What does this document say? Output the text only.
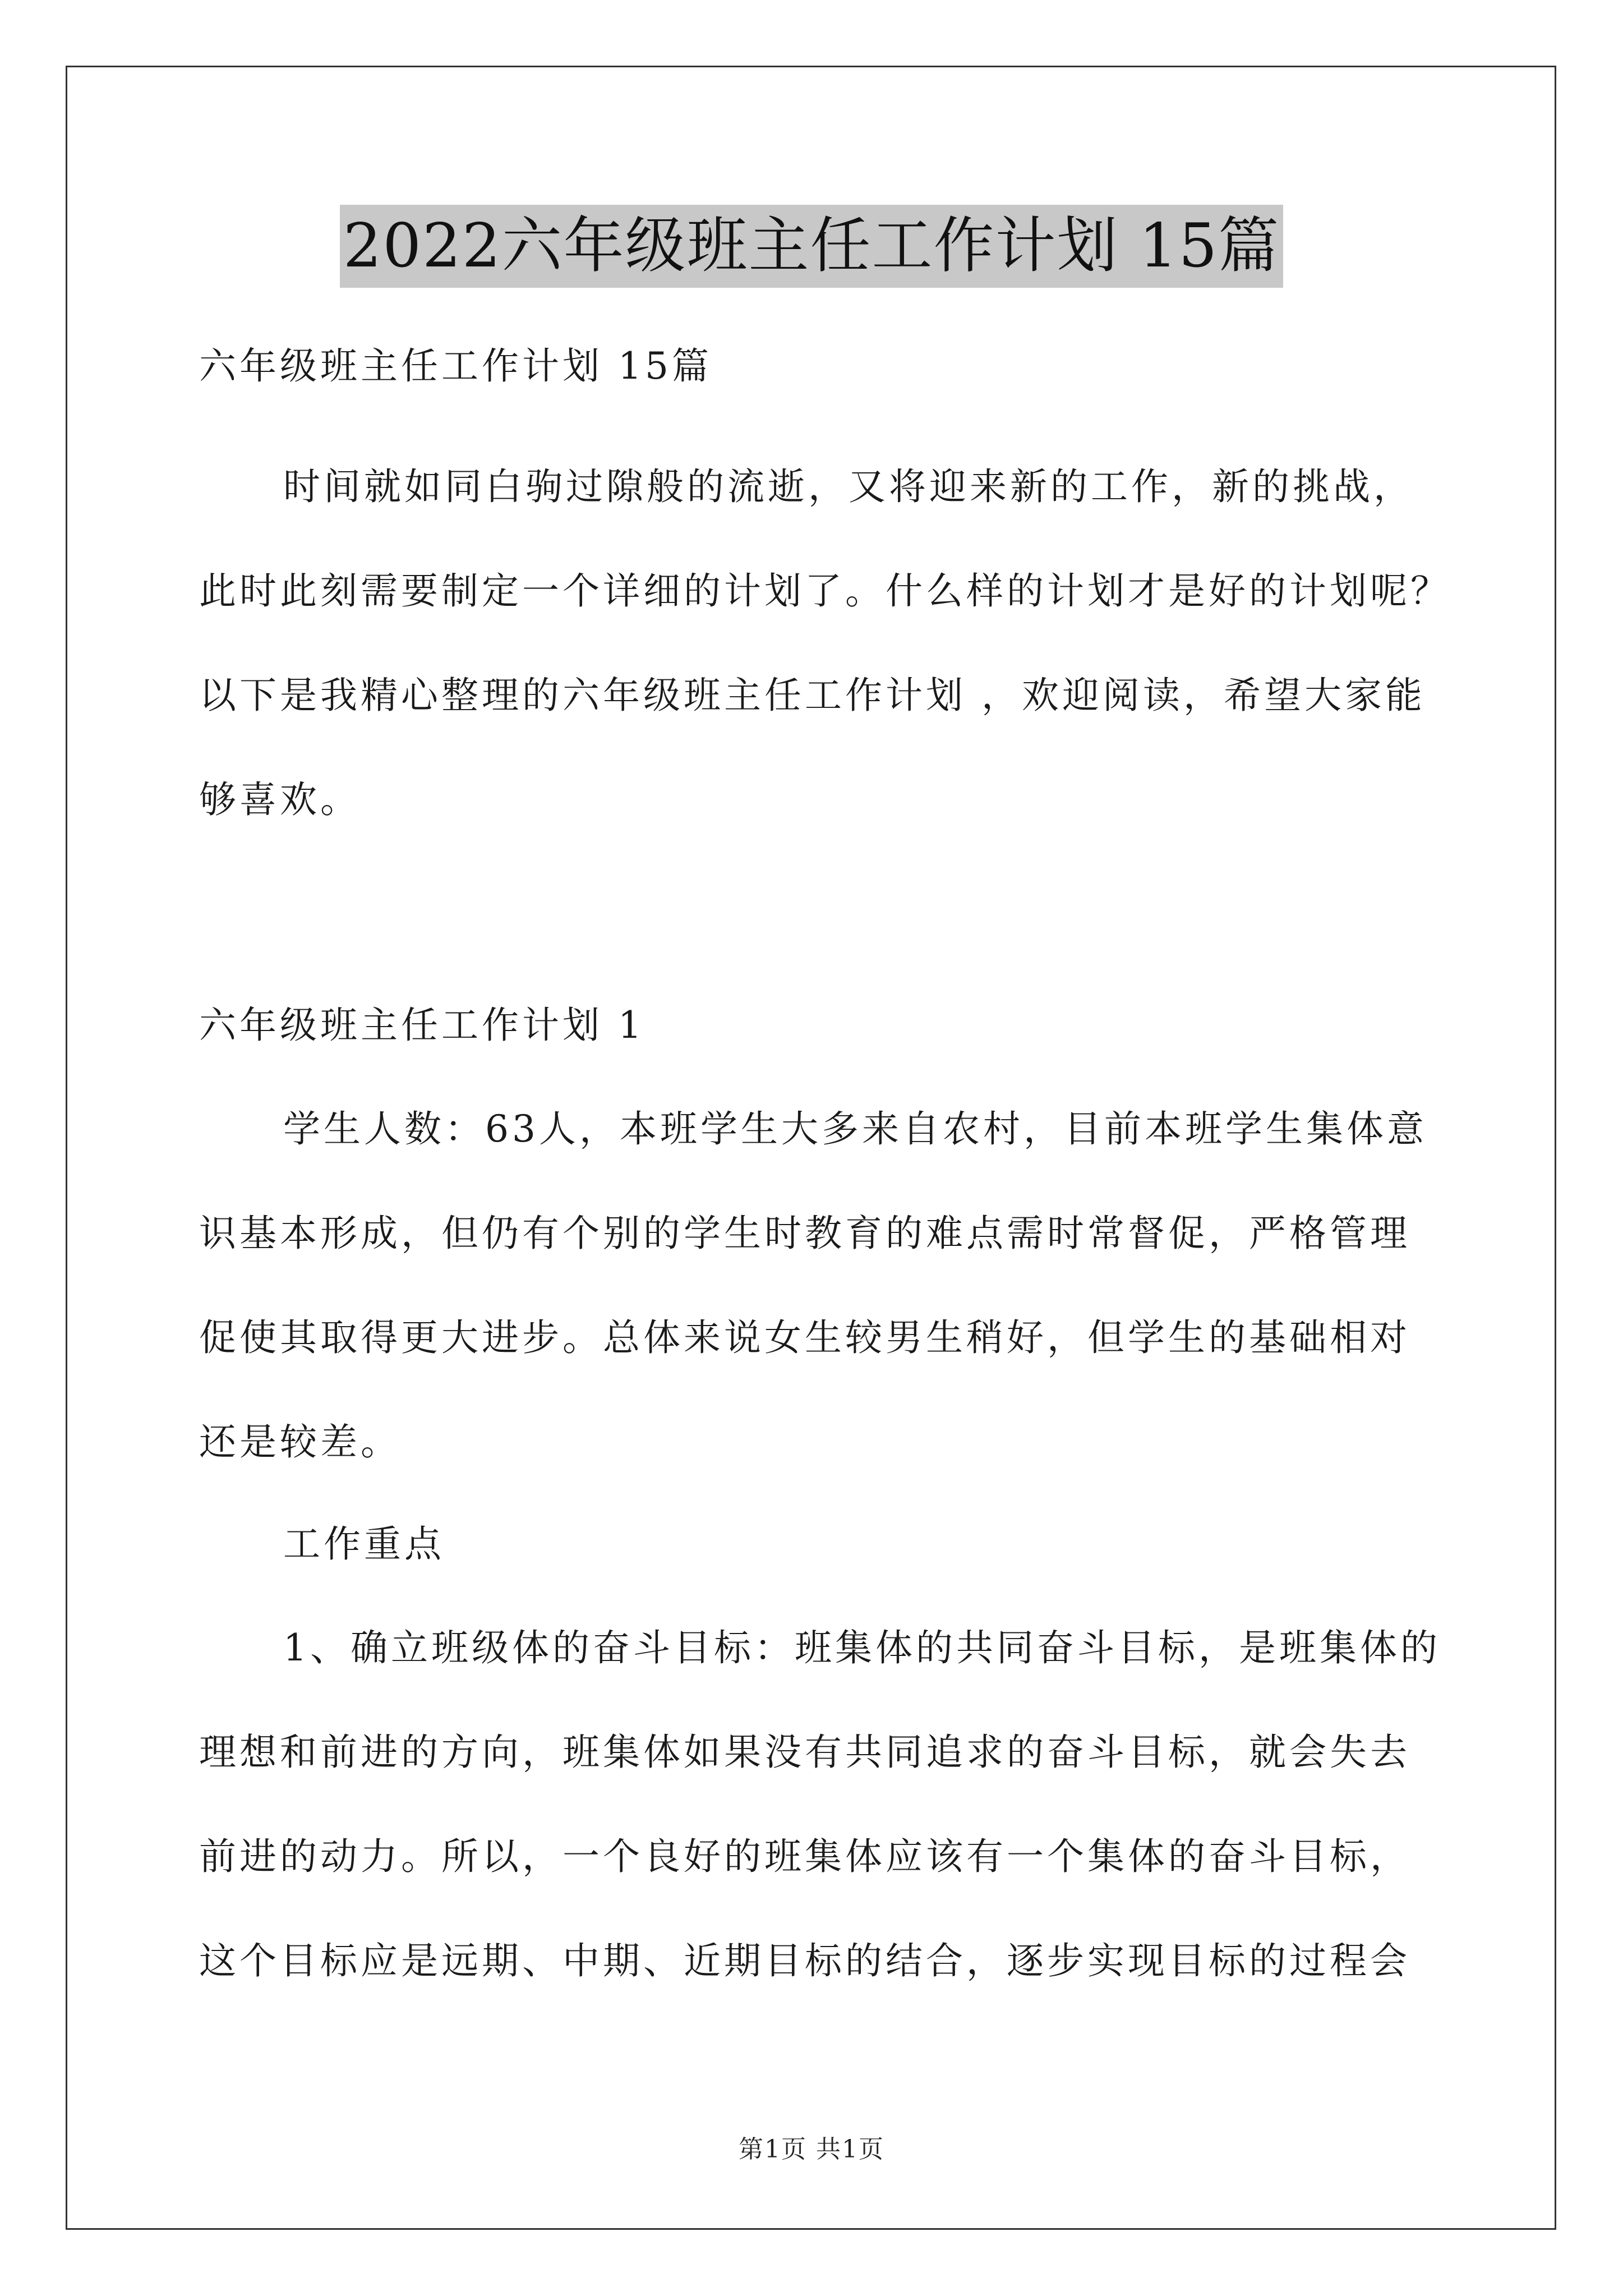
2022六年级班主任工作计划 15篇
六年级班主任工作计划 15篇
时间就如同白驹过隙般的流逝，又将迎来新的工作，新的挑战，
此时此刻需要制定一个详细的计划了。什么样的计划才是好的计划呢？
以下是我精心整理的六年级班主任工作计划 ，欢迎阅读，希望大家能
够喜欢。
六年级班主任工作计划 1
学生人数：63人，本班学生大多来自农村，目前本班学生集体意
识基本形成，但仍有个别的学生时教育的难点需时常督促，严格管理
促使其取得更大进步。总体来说女生较男生稍好，但学生的基础相对
还是较差。
工作重点
1、确立班级体的奋斗目标：班集体的共同奋斗目标，是班集体的
理想和前进的方向，班集体如果没有共同追求的奋斗目标，就会失去
前进的动力。所以，一个良好的班集体应该有一个集体的奋斗目标，
这个目标应是远期、中期、近期目标的结合，逐步实现目标的过程会
第1页 共1页
